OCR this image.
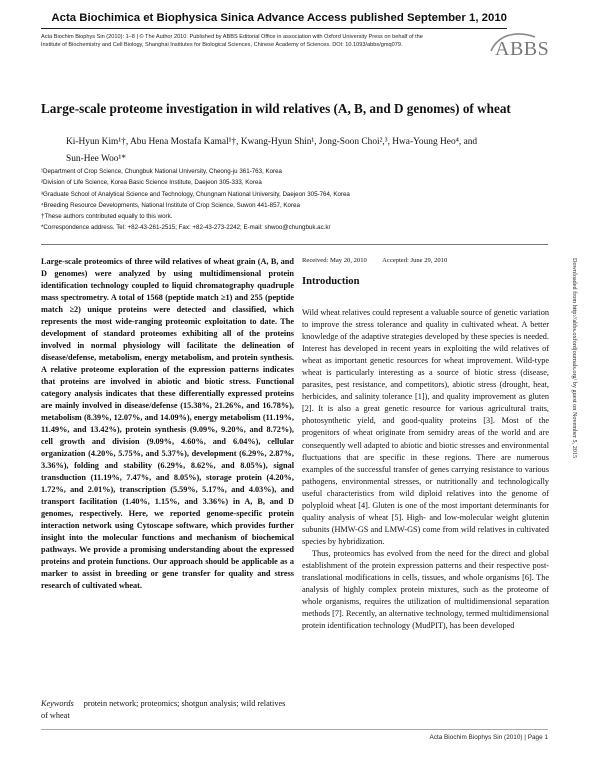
Acta Biochimica et Biophysica Sinica Advance Access published September 1, 2010
Acta Biochim Biophys Sin (2010): 1–8 | © The Author 2010. Published by ABBS Editorial Office in association with Oxford University Press on behalf of the
Institute of Biochemistry and Cell Biology, Shanghai Institutes for Biological Sciences, Chinese Academy of Sciences. DOI: 10.1093/abbs/gmq079.	ABBS
Large-scale proteome investigation in wild relatives (A, B, and D genomes) of wheat
Ki-Hyun Kim¹†, Abu Hena Mostafa Kamal¹†, Kwang-Hyun Shin¹, Jong-Soon Choi²,³, Hwa-Young Heo⁴, and
Sun-Hee Woo¹*
¹Department of Crop Science, Chungbuk National University, Cheong-ju 361-763, Korea
²Division of Life Science, Korea Basic Science Institute, Daejeon 305-333, Korea
³Graduate School of Analytical Science and Technology, Chungnam National University, Daejeon 305-764, Korea
⁴Breeding Resource Developments, National Institute of Crop Science, Suwon 441-857, Korea
†These authors contributed equally to this work.
*Correspondence address. Tel: +82-43-261-2515; Fax: +82-43-273-2242; E-mail: shwoo@chungbuk.ac.kr
Large-scale proteomics of three wild relatives of wheat grain (A, B, and D genomes) were analyzed by using multidimensional protein identification technology coupled to liquid chromatography quadruple mass spectrometry. A total of 1568 (peptide match ≥1) and 255 (peptide match ≥2) unique proteins were detected and classified, which represents the most wide-ranging proteomic exploitation to date. The development of standard proteomes exhibiting all of the proteins involved in normal physiology will facilitate the delineation of disease/defense, metabolism, energy metabolism, and protein synthesis. A relative proteome exploration of the expression patterns indicates that proteins are involved in abiotic and biotic stress. Functional category analysis indicates that these differentially expressed proteins are mainly involved in disease/defense (15.38%, 21.26%, and 16.78%), metabolism (8.39%, 12.07%, and 14.09%), energy metabolism (11.19%, 11.49%, and 13.42%), protein synthesis (9.09%, 9.20%, and 8.72%), cell growth and division (9.09%, 4.60%, and 6.04%), cellular organization (4.20%, 5.75%, and 5.37%), development (6.29%, 2.87%, 3.36%), folding and stability (6.29%, 8.62%, and 8.05%), signal transduction (11.19%, 7.47%, and 8.05%), storage protein (4.20%, 1.72%, and 2.01%), transcription (5.59%, 5.17%, and 4.03%), and transport facilitation (1.40%, 1.15%, and 3.36%) in A, B, and D genomes, respectively. Here, we reported genome-specific protein interaction network using Cytoscape software, which provides further insight into the molecular functions and mechanism of biochemical pathways. We provide a promising understanding about the expressed proteins and protein functions. Our approach should be applicable as a marker to assist in breeding or gene transfer for quality and stress research of cultivated wheat.
Keywords protein network; proteomics; shotgun analysis; wild relatives of wheat
Received: May 20, 2010 Accepted: June 29, 2010
Introduction

Wild wheat relatives could represent a valuable source of genetic variation to improve the stress tolerance and quality in cultivated wheat. A better knowledge of the adaptive strategies developed by these species is needed. Interest has developed in recent years in exploiting the wild relatives of wheat as important genetic resources for wheat improvement. Wild-type wheat is particularly interesting as a source of biotic stress (disease, parasites, pest resistance, and competitors), abiotic stress (drought, heat, herbicides, and salinity tolerance [1]), and quality improvement as gluten [2]. It is also a great genetic resource for various agricultural traits, photosynthetic yield, and good-quality proteins [3]. Most of the progenitors of wheat originate from semidry areas of the world and are consequently well adapted to abiotic and biotic stresses and environmental fluctuations that are specific in these regions. There are numerous examples of the successful transfer of genes carrying resistance to various pathogens, environmental stresses, or nutritionally and technologically useful characteristics from wild diploid relatives into the genome of polyploid wheat [4]. Gluten is one of the most important determinants for quality analysis of wheat [5]. High- and low-molecular weight glutenin subunits (HMW-GS and LMW-GS) come from wild relatives in cultivated species by hybridization.

Thus, proteomics has evolved from the need for the direct and global establishment of the protein expression patterns and their respective post-translational modifications in cells, tissues, and whole organisms [6]. The analysis of highly complex protein mixtures, such as the proteome of whole organisms, requires the utilization of multidimensional separation methods [7]. Recently, an alternative technology, termed multidimensional protein identification technology (MudPIT), has been developed

Downloaded from http://abbs.oxfordjournals.org/ by guest on November 5, 2015
Acta Biochim Biophys Sin (2010) | Page 1
